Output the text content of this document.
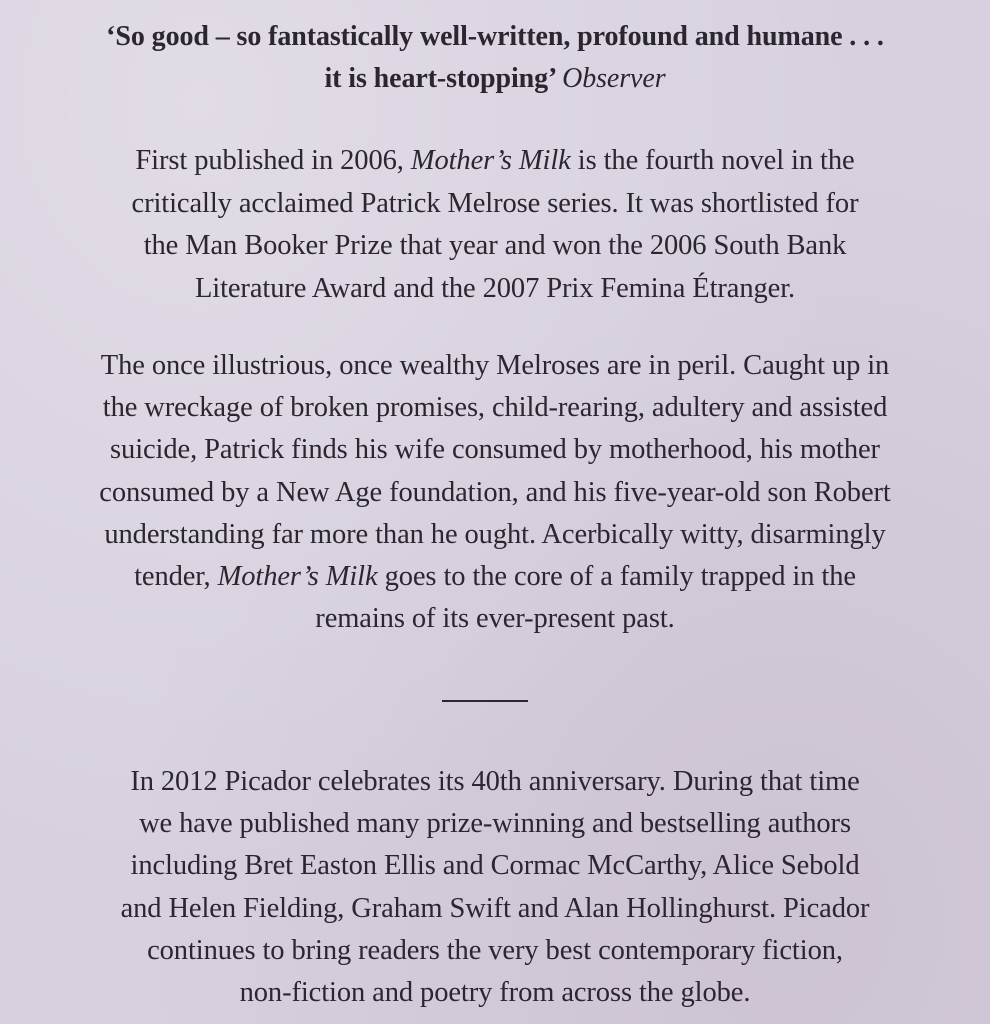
‘So good – so fantastically well-written, profound and humane . . .
it is heart-stopping’ Observer
First published in 2006, Mother’s Milk is the fourth novel in the
critically acclaimed Patrick Melrose series. It was shortlisted for
the Man Booker Prize that year and won the 2006 South Bank
Literature Award and the 2007 Prix Femina Étranger.
The once illustrious, once wealthy Melroses are in peril. Caught up in
the wreckage of broken promises, child-rearing, adultery and assisted
suicide, Patrick finds his wife consumed by motherhood, his mother
consumed by a New Age foundation, and his five-year-old son Robert
understanding far more than he ought. Acerbically witty, disarmingly
tender, Mother’s Milk goes to the core of a family trapped in the
remains of its ever-present past.
In 2012 Picador celebrates its 40th anniversary. During that time
we have published many prize-winning and bestselling authors
including Bret Easton Ellis and Cormac McCarthy, Alice Sebold
and Helen Fielding, Graham Swift and Alan Hollinghurst. Picador
continues to bring readers the very best contemporary fiction,
non-fiction and poetry from across the globe.
